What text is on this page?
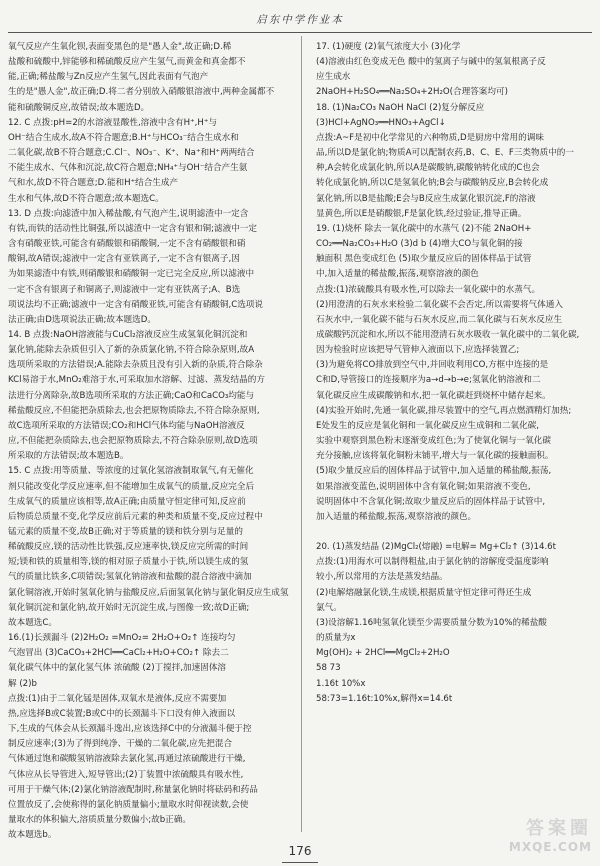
启东中学作业本
氧气反应产生氧化钡,表面变黑色的是"愚人金",故正确;D.稀
盐酸和硫酸中,锌能够和稀硫酸反应产生氢气,而黄金和真金都不
能,正确;稀盐酸与Zn反应产生氢气,因此表面有气泡产
生的是"愚人金",故正确;D.将二者分别放入硝酸银溶液中,两种金属都不
能和硫酸铜反应,故错误;故本题选D。
12. C 点拨:pH=2的水溶液显酸性,溶液中含有H⁺,H⁺与
OH⁻结合生成水,故A不符合题意;B.H⁺与HCO₃⁻结合生成水和
二氧化碳,故B不符合题意;C.Cl⁻、NO₃⁻、K⁺、Na⁺和H⁺两两结合
不能生成水、气体和沉淀,故C符合题意;NH₄⁺与OH⁻结合产生氨
气和水,故D不符合题意;D.能和H⁺结合生成产
生水和气体,故D不符合题意;故本题选C。
13. D 点拨:向滤渣中加入稀盐酸,有气泡产生,说明滤渣中一定含
有铁,而铁的活动性比铜强,所以滤渣中一定含有银和铜;滤液中一定
含有硝酸亚铁,可能含有硝酸银和硝酸铜,一定不含有硝酸银和硝
酸铜,故A错误;滤液中一定含有亚铁离子,一定不含有银离子,因
为如果滤渣中有铁,则硝酸银和硝酸铜一定已完全反应,所以滤液中
一定不含有银离子和铜离子,则滤液中一定有亚铁离子;A、B选
项说法均不正确;滤液中一定含有硝酸亚铁,可能含有硝酸铜,C选项说
法正确;由D选项说法正确;故本题选D。
14. B 点拨:NaOH溶液能与CuCl₂溶液反应生成氢氧化铜沉淀和
氯化钠,能除去杂质但引入了新的杂质氯化钠,不符合除杂原则,故A
选项所采取的方法错误;A.能除去杂质且没有引入新的杂质,符合除杂
KCl易溶于水,MnO₂难溶于水,可采取加水溶解、过滤、蒸发结晶的方
法进行分离除杂,故B选项所采取的方法正确;CaO和CaCO₃均能与
稀盐酸反应,不但能把杂质除去,也会把原物质除去,不符合除杂原则,
故C选项所采取的方法错误;CO₂和HCl气体均能与NaOH溶液反
应,不但能把杂质除去,也会把原物质除去,不符合除杂原则,故D选项
所采取的方法错误;故本题选B。
15. C 点拨:用等质量、等浓度的过氧化氢溶液制取氧气,有无催化
剂只能改变化学反应速率,但不能增加生成氧气的质量,反应完全后
生成氧气的质量应该相等,故A正确;由质量守恒定律可知,反应前
后物质总质量不变,化学反应前后元素的种类和质量不变,反应过程中
锰元素的质量不变,故B正确;对于等质量的镁和铁分别与足量的
稀硫酸反应,镁的活动性比铁强,反应速率快,镁反应完所需的时间
短;镁和铁的质量相等,镁的相对原子质量小于铁,所以镁生成的氢
气的质量比铁多,C项错误;氢氧化钠溶液和盐酸的混合溶液中滴加
氯化铜溶液,开始时氢氧化钠与盐酸反应,后面氢氧化钠与氯化铜反应生成氢
氧化铜沉淀和氯化钠,故开始时无沉淀生成,与图像一致;故D正确;
故本题选C。
16.(1)长颈漏斗 (2)2H₂O₂ =MnO₂= 2H₂O+O₂↑ 连接均匀
气泡冒出 (3)CaCO₃+2HCl══CaCl₂+H₂O+CO₂↑ 除去二
氧化碳气体中的氯化氢气体 浓硫酸 (2)丁搅拌,加速固体溶
解 (2)b
点拨:(1)由于二氧化锰是固体,双氧水是液体,反应不需要加
热,应选择B或C装置;B或C中的长颈漏斗下口没有伸入液面以
下,生成的气体会从长颈漏斗逸出,应该选择C中的分液漏斗便于控
制反应速率;(3)为了得到纯净、干燥的二氧化碳,应先把混合
气体通过饱和碳酸氢钠溶液除去氯化氢,再通过浓硫酸进行干燥,
气体应从长导管进入,短导管出;(2)丁装置中浓硫酸具有吸水性,
可用于干燥气体;(2)氯化钠溶液配制时,称量氯化钠时将砝码和药品
位置放反了,会使称得的氯化钠质量偏小;量取水时仰视读数,会使
量取水的体积偏大,溶质质量分数偏小;故b正确。
故本题选b。
17. (1)硬度 (2)氧气浓度大小 (3)化学
(4)溶液由红色变成无色 酸中的氢离子与碱中的氢氧根离子反
应生成水
2NaOH+H₂SO₄══Na₂SO₄+2H₂O(合理答案均可)
18. (1)Na₂CO₃ NaOH NaCl (2)复分解反应
(3)HCl+AgNO₃══HNO₃+AgCl↓
点拨:A~F是初中化学常见的六种物质,D是厨房中常用的调味
品,所以D是氯化钠;物质A可以配制农药,B、C、E、F三类物质中的一
种,A会转化成氯化钠,所以A是碳酸钠,碳酸钠转化成的C也会
转化成氯化钠,所以C是氢氧化钠;B会与碳酸钠反应,B会转化成
氯化钠,所以B是盐酸;E会与B反应生成氯化银沉淀,F的溶液
显黄色,所以E是硝酸银,F是氯化铁,经过验证,推导正确。
19. (1)烧杯 除去一氧化碳中的水蒸气 (2)不能 2NaOH+
CO₂══Na₂CO₃+H₂O (3)d b (4)增大CO与氧化铜的接
触面积 黑色变成红色 (5)取少量反应后的固体样品于试管
中,加入适量的稀盐酸,振荡,观察溶液的颜色
点拨:(1)浓硫酸具有吸水性,可以除去一氧化碳中的水蒸气。
(2)用澄清的石灰水来检验二氧化碳不会否定,所以需要将气体通入
石灰水中,一氧化碳不能与石灰水反应,而二氧化碳与石灰水反应生
成碳酸钙沉淀和水,所以不能用澄清石灰水吸收一氧化碳中的二氧化碳,
因为检验时应该把导气管伸入液面以下,应选择装置乙;
(3)为避免将CO排放到空气中,并回收利用CO,方框中连接的是
C和D,导管接口的连接顺序为a→d→b→e;氢氧化钠溶液和二
氧化碳反应生成碳酸钠和水,把一氧化碳赶到烧杯中储存起来。
(4)实验开始时,先通一氧化碳,排尽装置中的空气,再点燃酒精灯加热;
E处发生的反应是氧化铜和一氧化碳反应生成铜和二氧化碳,
实验中观察到黑色粉末逐渐变成红色;为了使氧化铜与一氧化碳
充分接触,应该将氧化铜粉末铺平,增大与一氧化碳的接触面积。
(5)取少量反应后的固体样品于试管中,加入适量的稀盐酸,振荡,
如果溶液变蓝色,说明固体中含有氧化铜;如果溶液不变色,
说明固体中不含氧化铜;故取少量反应后的固体样品于试管中,
加入适量的稀盐酸,振荡,观察溶液的颜色。

20. (1)蒸发结晶 (2)MgCl₂(熔融) =电解= Mg+Cl₂↑ (3)14.6t
点拨:(1)用海水可以制得粗盐,由于氯化钠的溶解度受温度影响
较小,所以常用的方法是蒸发结晶。
(2)电解熔融氯化镁,生成镁,根据质量守恒定律可得还生成
氯气。
(3)设溶解1.16吨氢氧化镁至少需要质量分数为10%的稀盐酸
的质量为x
Mg(OH)₂ + 2HCl══MgCl₂+2H₂O
58 73
1.16t 10%x
58:73=1.16t:10%x,解得x=14.6t
176
答案圈
MXQE.COM
